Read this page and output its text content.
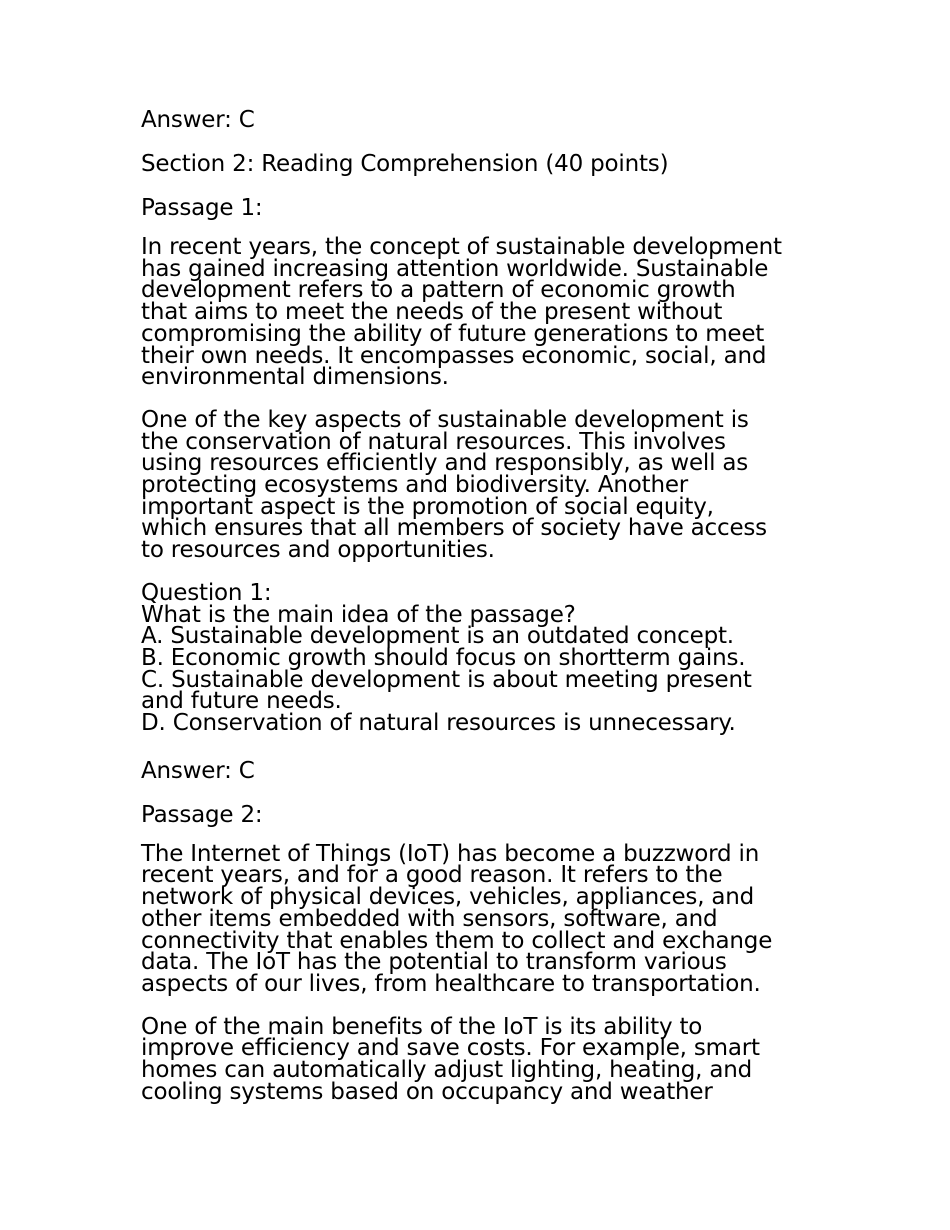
Answer: C
Section 2: Reading Comprehension (40 points)
Passage 1:
In recent years, the concept of sustainable development
has gained increasing attention worldwide. Sustainable
development refers to a pattern of economic growth
that aims to meet the needs of the present without
compromising the ability of future generations to meet
their own needs. It encompasses economic, social, and
environmental dimensions.
One of the key aspects of sustainable development is
the conservation of natural resources. This involves
using resources efficiently and responsibly, as well as
protecting ecosystems and biodiversity. Another
important aspect is the promotion of social equity,
which ensures that all members of society have access
to resources and opportunities.
Question 1:
What is the main idea of the passage?
A. Sustainable development is an outdated concept.
B. Economic growth should focus on shortterm gains.
C. Sustainable development is about meeting present
and future needs.
D. Conservation of natural resources is unnecessary.
Answer: C
Passage 2:
The Internet of Things (IoT) has become a buzzword in
recent years, and for a good reason. It refers to the
network of physical devices, vehicles, appliances, and
other items embedded with sensors, software, and
connectivity that enables them to collect and exchange
data. The IoT has the potential to transform various
aspects of our lives, from healthcare to transportation.
One of the main benefits of the IoT is its ability to
improve efficiency and save costs. For example, smart
homes can automatically adjust lighting, heating, and
cooling systems based on occupancy and weather
